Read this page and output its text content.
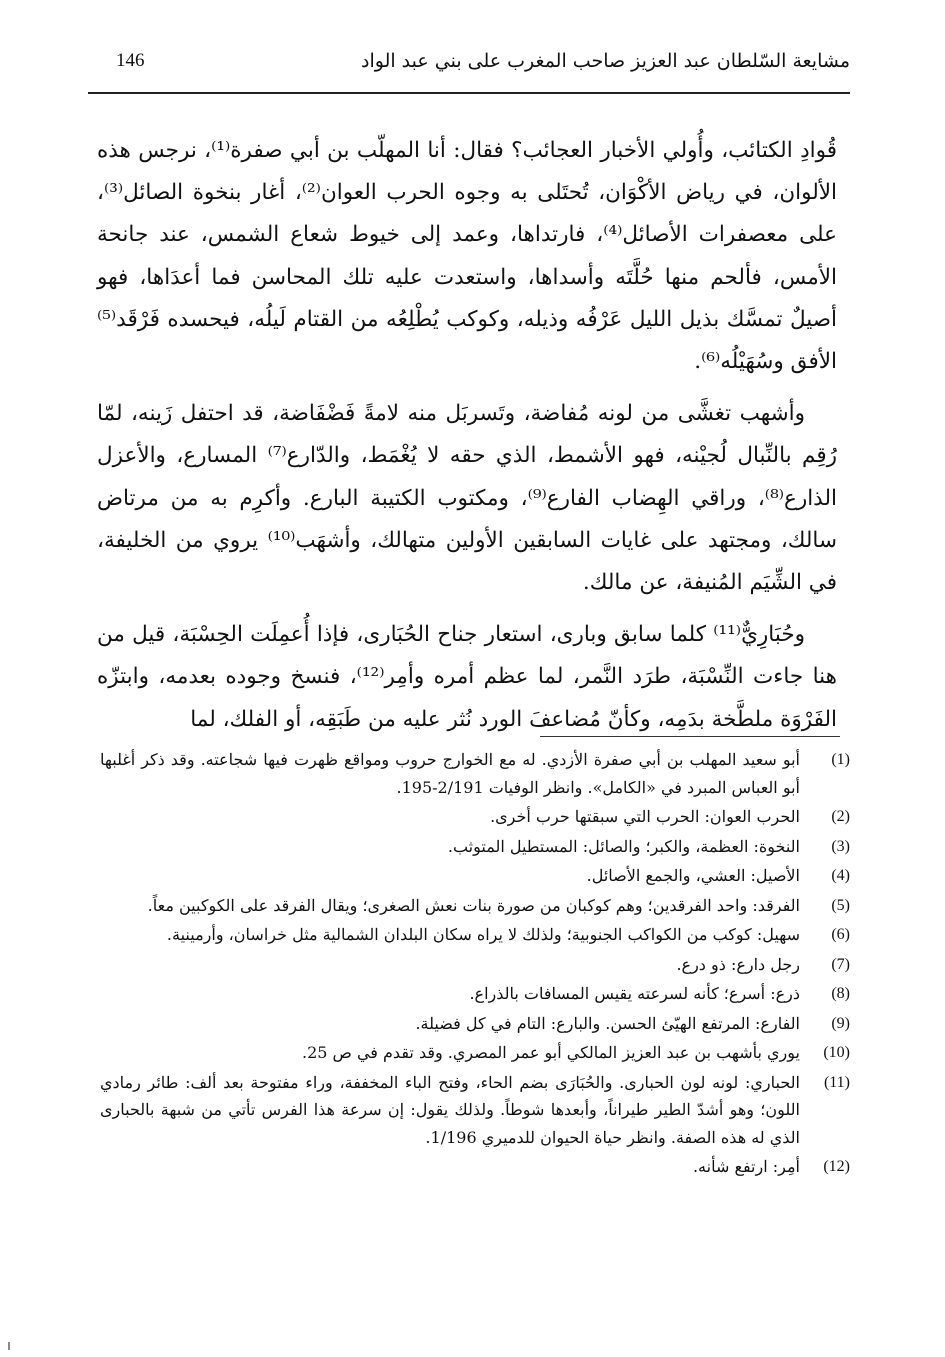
مشايعة السّلطان عبد العزيز صاحب المغرب على بني عبد الواد
146

قُوادِ الكتائب، وأُولي الأخبار العجائب؟ فقال: أنا المهلّب بن أبي صفرة⁽¹⁾، نرجس هذه الألوان، في رياض الأكْوَان، تُحتَلى به وجوه الحرب العوان⁽²⁾، أغار بنخوة الصائل⁽³⁾، على معصفرات الأصائل⁽⁴⁾، فارتداها، وعمد إلى خيوط شعاع الشمس، عند جانحة الأمس، فألحم منها حُلَّتَه وأسداها، واستعدت عليه تلك المحاسن فما أعدَاها، فهو أصيلٌ تمسَّك بذيل الليل عَرْفُه وذيله، وكوكب يُطْلِعُه من القتام لَيلُه، فيحسده فَرْقَد⁽⁵⁾ الأفق وسُهَيْلُه⁽⁶⁾.

وأشهب تغشَّى من لونه مُفاضة، وتَسربَل منه لامةً فَضْفَاضة، قد احتفل زَينه، لمّا رُقِم بالنِّبال لُجيْنه، فهو الأشمط، الذي حقه لا يُغْمَط، والدّارع⁽⁷⁾ المسارع، والأعزل الذارع⁽⁸⁾، وراقي الهِضاب الفارع⁽⁹⁾، ومكتوب الكتيبة البارع. وأكرِم به من مرتاض سالك، ومجتهد على غايات السابقين الأولين متهالك، وأشهَب⁽¹⁰⁾ يروي من الخليفة، في الشِّيَم المُنيفة، عن مالك.

وحُبَارِيٌّ⁽¹¹⁾ كلما سابق وبارى، استعار جناح الحُبَارى، فإذا أُعمِلَت الحِسْبَة، قيل من هنا جاءت النِّسْبَة، طرَد النَّمر، لما عظم أمره وأمِر⁽¹²⁾، فنسخ وجوده بعدمه، وابتزّه الفَرْوَة ملطَّخة بدَمِه، وكأنّ مُضاعفَ الورد نُثر عليه من طَبَقِه، أو الفلك، لما

(1)
أبو سعيد المهلب بن أبي صفرة الأزدي. له مع الخوارج حروب ومواقع ظهرت فيها شجاعته. وقد ذكر أغلبها أبو العباس المبرد في «الكامل». وانظر الوفيات 2/191-195.
(2)
الحرب العوان: الحرب التي سبقتها حرب أخرى.
(3)
النخوة: العظمة، والكبر؛ والصائل: المستطيل المتوثب.
(4)
الأصيل: العشي، والجمع الأصائل.
(5)
الفرقد: واحد الفرقدين؛ وهم كوكبان من صورة بنات نعش الصغرى؛ ويقال الفرقد على الكوكبين معاً.
(6)
سهيل: كوكب من الكواكب الجنوبية؛ ولذلك لا يراه سكان البلدان الشمالية مثل خراسان، وأرمينية.
(7)
رجل دارع: ذو درع.
(8)
ذرع: أسرع؛ كأنه لسرعته يقيس المسافات بالذراع.
(9)
الفارع: المرتفع الهيّئ الحسن. والبارع: التام في كل فضيلة.
(10)
يوري بأشهب بن عبد العزيز المالكي أبو عمر المصري. وقد تقدم في ص 25.
(11)
الحباري: لونه لون الحبارى. والحُبَارَى بضم الحاء، وفتح الباء المخففة، وراء مفتوحة بعد ألف: طائر رمادي اللون؛ وهو أشدّ الطير طيراناً، وأبعدها شوطاً. ولذلك يقول: إن سرعة هذا الفرس تأتي من شبهة بالحبارى الذي له هذه الصفة. وانظر حياة الحيوان للدميري 1/196.
(12)
أمِر: ارتفع شأنه.
